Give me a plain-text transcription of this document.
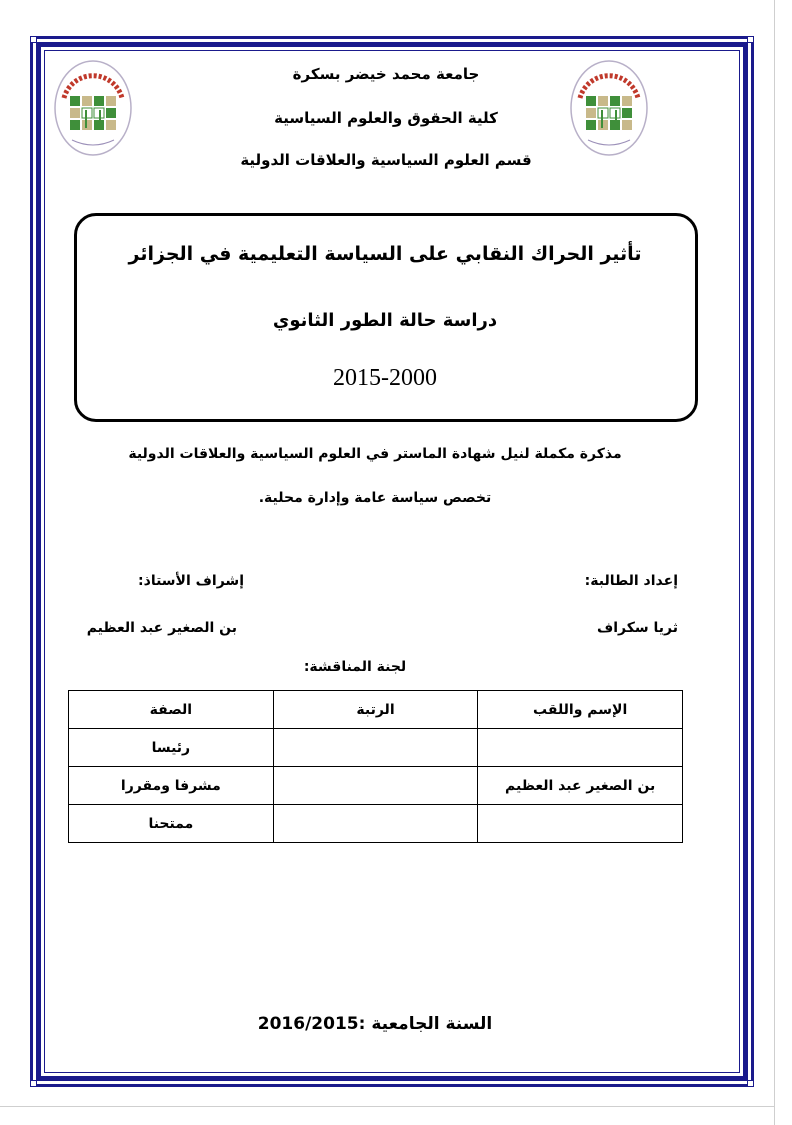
جامعة محمد خيضر بسكرة
كلية الحقوق والعلوم السياسية
قسم العلوم السياسية والعلاقات الدولية
تأثير الحراك النقابي على السياسة التعليمية في الجزائر
دراسة حالة الطور الثانوي
2015-2000
مذكرة مكملة لنيل شهادة الماستر في العلوم السياسية والعلاقات الدولية
تخصص سياسة عامة وإدارة محلية.
إعداد الطالبة:
إشراف الأستاذ:
ثريا سكراف
بن الصغير عبد العظيم
لجنة المناقشة:
الإسم واللقب	الرتبة	الصفة
		رئيسا
بن الصغير عبد العظيم		مشرفا ومقررا
		ممتحنا
السنة الجامعية :2016/2015
